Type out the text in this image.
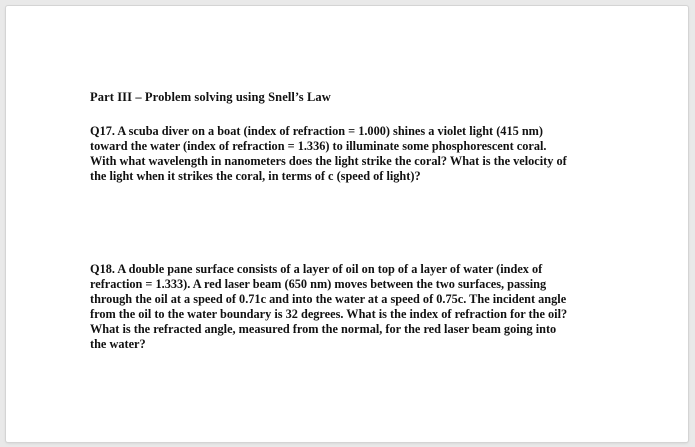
Part III – Problem solving using Snell’s Law
Q17. A scuba diver on a boat (index of refraction = 1.000) shines a violet light (415 nm)
toward the water (index of refraction = 1.336) to illuminate some phosphorescent coral.
With what wavelength in nanometers does the light strike the coral? What is the velocity of
the light when it strikes the coral, in terms of c (speed of light)?
Q18. A double pane surface consists of a layer of oil on top of a layer of water (index of
refraction = 1.333). A red laser beam (650 nm) moves between the two surfaces, passing
through the oil at a speed of 0.71c and into the water at a speed of 0.75c. The incident angle
from the oil to the water boundary is 32 degrees. What is the index of refraction for the oil?
What is the refracted angle, measured from the normal, for the red laser beam going into
the water?
